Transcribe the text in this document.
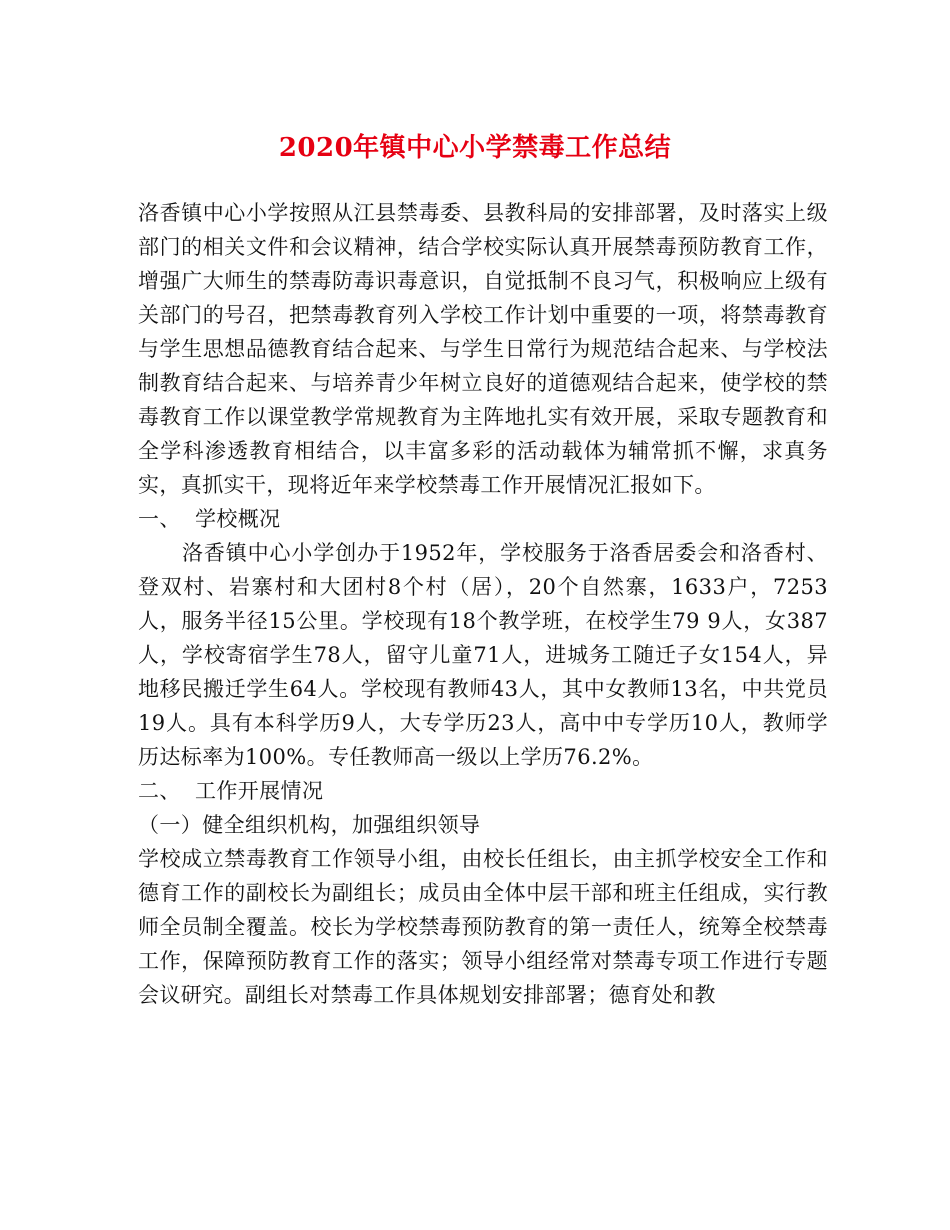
2020年镇中心小学禁毒工作总结

洛香镇中心小学按照从江县禁毒委、县教科局的安排部署，及时落实上级部门的相关文件和会议精神，结合学校实际认真开展禁毒预防教育工作，增强广大师生的禁毒防毒识毒意识，自觉抵制不良习气，积极响应上级有关部门的号召，把禁毒教育列入学校工作计划中重要的一项，将禁毒教育与学生思想品德教育结合起来、与学生日常行为规范结合起来、与学校法制教育结合起来、与培养青少年树立良好的道德观结合起来，使学校的禁毒教育工作以课堂教学常规教育为主阵地扎实有效开展，采取专题教育和全学科渗透教育相结合，以丰富多彩的活动载体为辅常抓不懈，求真务实，真抓实干，现将近年来学校禁毒工作开展情况汇报如下。

一、  学校概况

洛香镇中心小学创办于1952年，学校服务于洛香居委会和洛香村、登双村、岩寨村和大团村8个村（居），20个自然寨，1633户，7253人，服务半径15公里。学校现有18个教学班，在校学生79 9人，女387人，学校寄宿学生78人，留守儿童71人，进城务工随迁子女154人，异地移民搬迁学生64人。学校现有教师43人，其中女教师13名，中共党员19人。具有本科学历9人，大专学历23人，高中中专学历10人，教师学历达标率为100%。专任教师高一级以上学历76.2%。

二、  工作开展情况

（一）健全组织机构，加强组织领导

学校成立禁毒教育工作领导小组，由校长任组长，由主抓学校安全工作和德育工作的副校长为副组长；成员由全体中层干部和班主任组成，实行教师全员制全覆盖。校长为学校禁毒预防教育的第一责任人，统筹全校禁毒工作，保障预防教育工作的落实；领导小组经常对禁毒专项工作进行专题会议研究。副组长对禁毒工作具体规划安排部署；德育处和教
